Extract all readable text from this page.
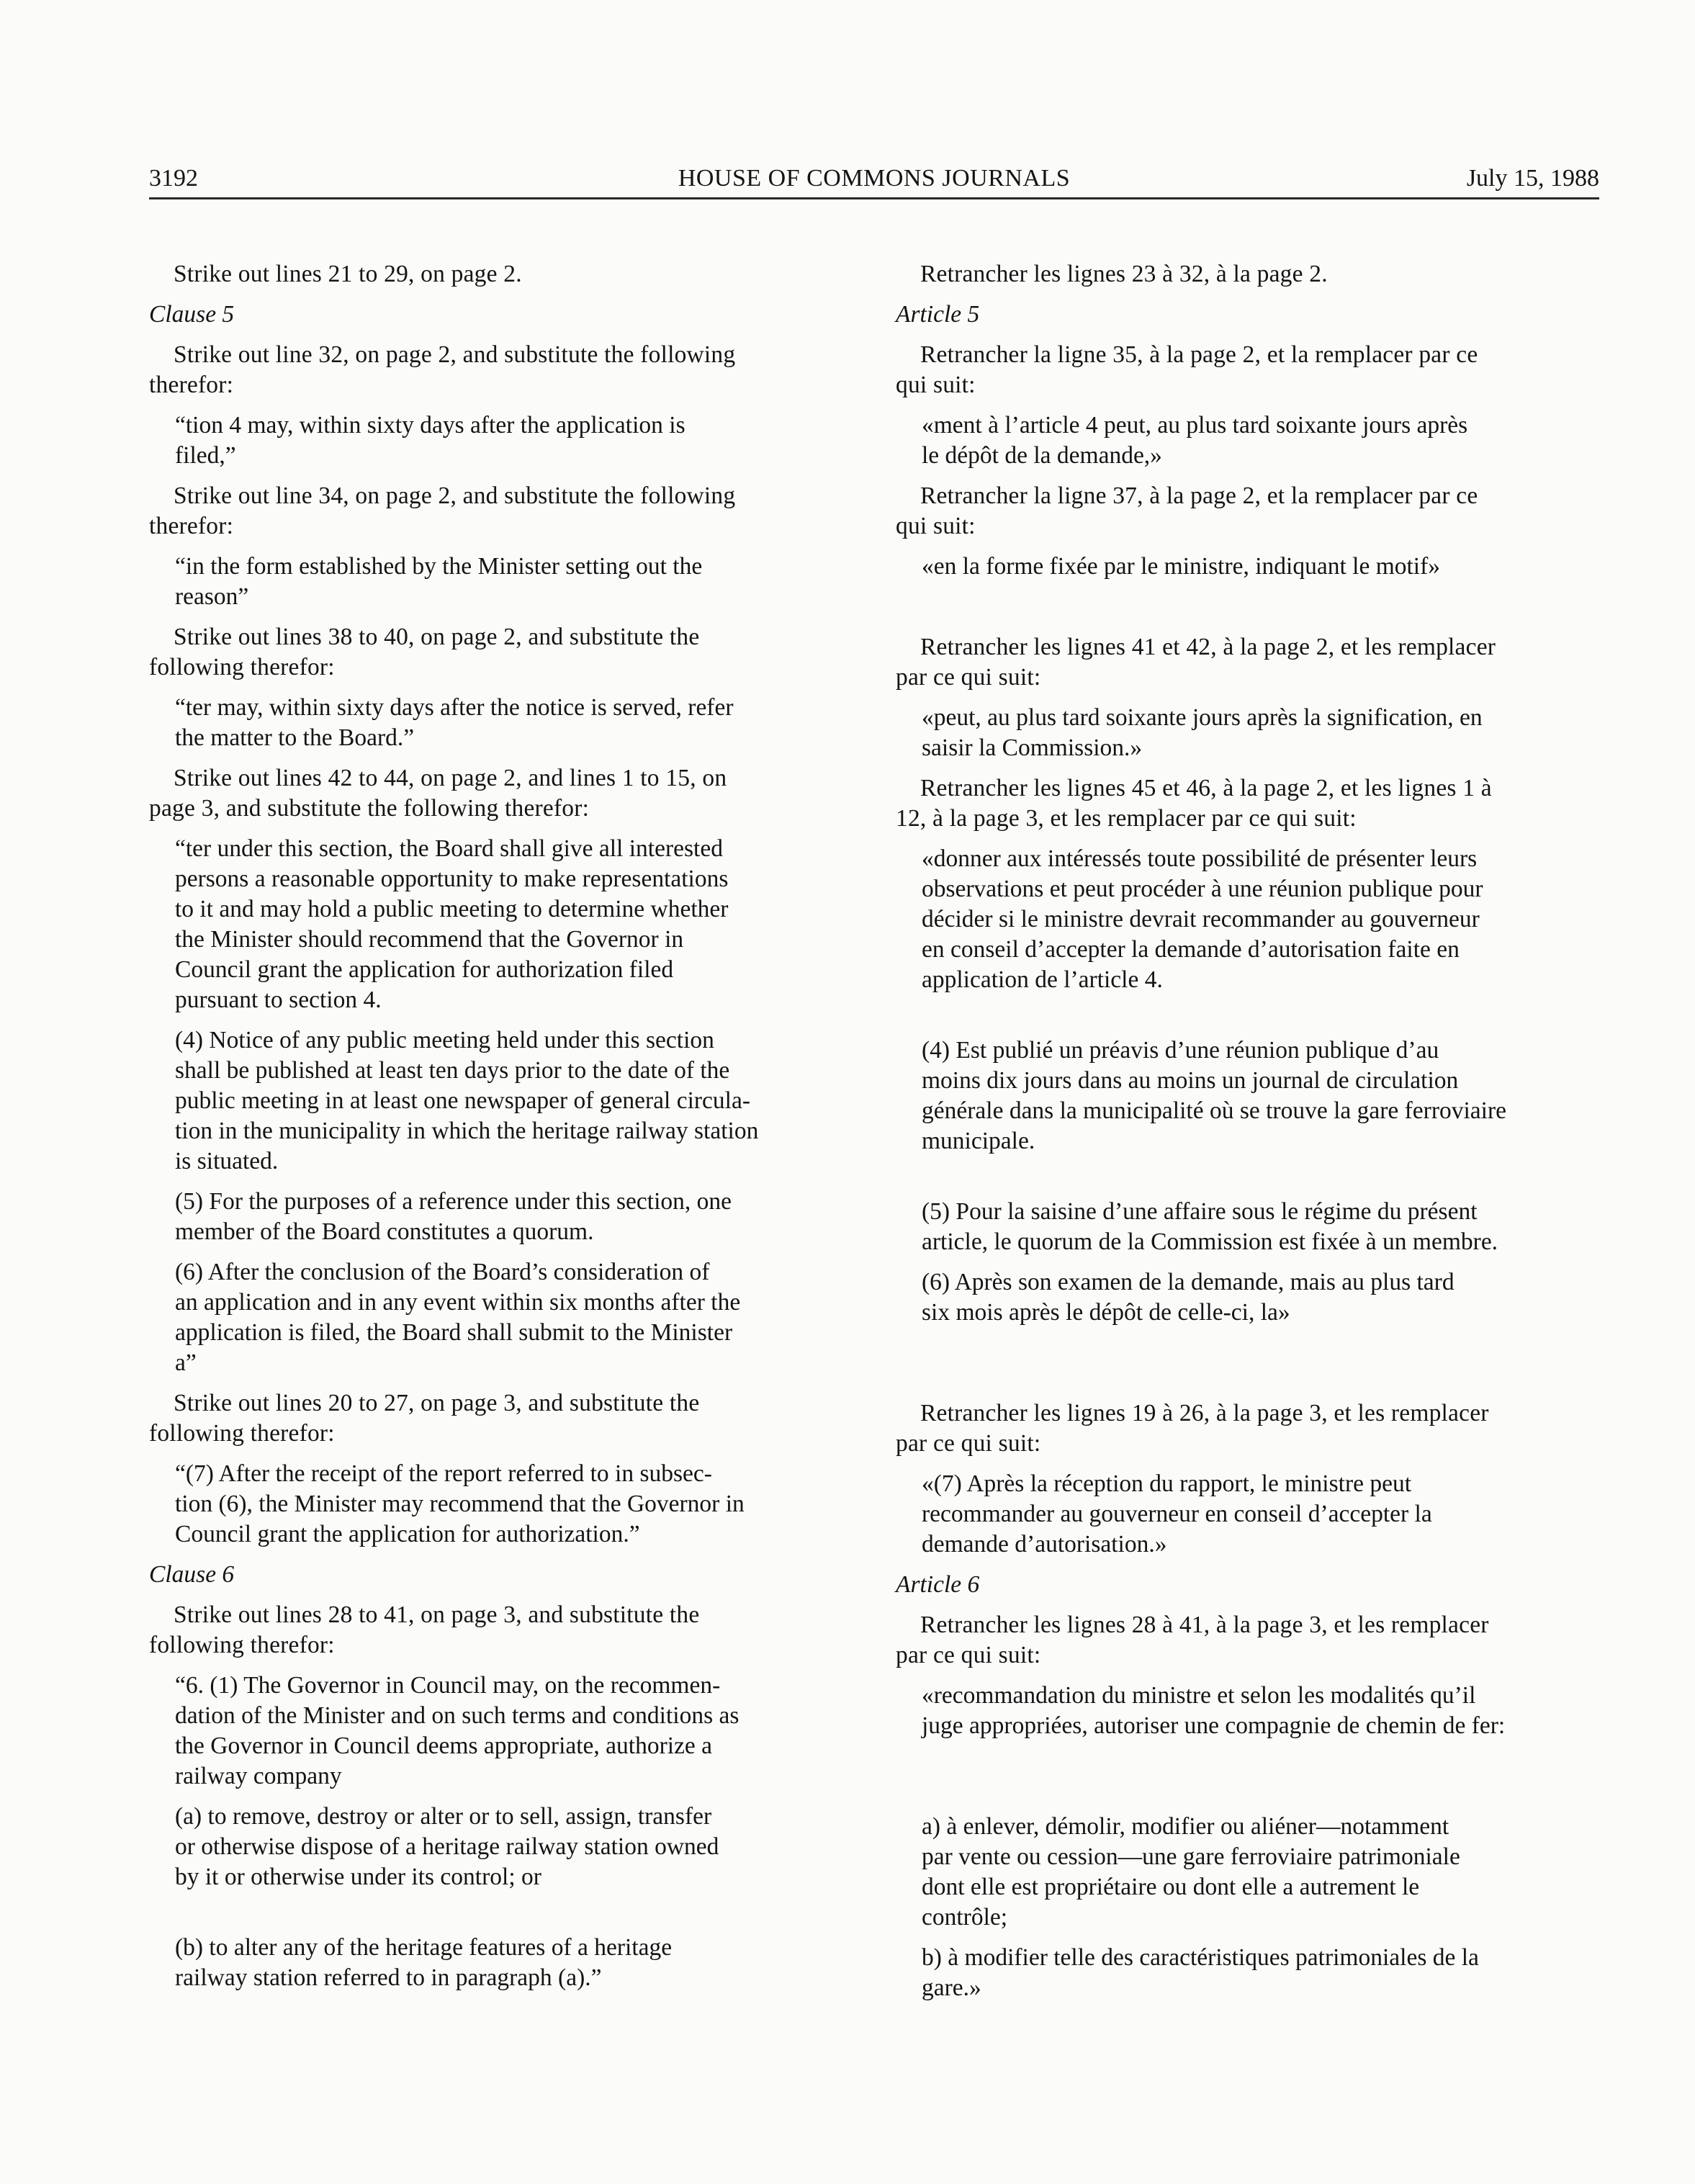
3192	HOUSE OF COMMONS JOURNALS	July 15, 1988
Strike out lines 21 to 29, on page 2.
Clause 5
Strike out line 32, on page 2, and substitute the following
therefor:
“tion 4 may, within sixty days after the application is
filed,”
Strike out line 34, on page 2, and substitute the following
therefor:
“in the form established by the Minister setting out the
reason”
Strike out lines 38 to 40, on page 2, and substitute the
following therefor:
“ter may, within sixty days after the notice is served, refer
the matter to the Board.”
Strike out lines 42 to 44, on page 2, and lines 1 to 15, on
page 3, and substitute the following therefor:
“ter under this section, the Board shall give all interested
persons a reasonable opportunity to make representations
to it and may hold a public meeting to determine whether
the Minister should recommend that the Governor in
Council grant the application for authorization filed
pursuant to section 4.
(4) Notice of any public meeting held under this section
shall be published at least ten days prior to the date of the
public meeting in at least one newspaper of general circula-
tion in the municipality in which the heritage railway station
is situated.
(5) For the purposes of a reference under this section, one
member of the Board constitutes a quorum.
(6) After the conclusion of the Board’s consideration of
an application and in any event within six months after the
application is filed, the Board shall submit to the Minister
a”
Strike out lines 20 to 27, on page 3, and substitute the
following therefor:
“(7) After the receipt of the report referred to in subsec-
tion (6), the Minister may recommend that the Governor in
Council grant the application for authorization.”
Clause 6
Strike out lines 28 to 41, on page 3, and substitute the
following therefor:
“6. (1) The Governor in Council may, on the recommen-
dation of the Minister and on such terms and conditions as
the Governor in Council deems appropriate, authorize a
railway company
(a) to remove, destroy or alter or to sell, assign, transfer
or otherwise dispose of a heritage railway station owned
by it or otherwise under its control; or
(b) to alter any of the heritage features of a heritage
railway station referred to in paragraph (a).”
Retrancher les lignes 23 à 32, à la page 2.
Article 5
Retrancher la ligne 35, à la page 2, et la remplacer par ce
qui suit:
«ment à l’article 4 peut, au plus tard soixante jours après
le dépôt de la demande,»
Retrancher la ligne 37, à la page 2, et la remplacer par ce
qui suit:
«en la forme fixée par le ministre, indiquant le motif»
Retrancher les lignes 41 et 42, à la page 2, et les remplacer
par ce qui suit:
«peut, au plus tard soixante jours après la signification, en
saisir la Commission.»
Retrancher les lignes 45 et 46, à la page 2, et les lignes 1 à
12, à la page 3, et les remplacer par ce qui suit:
«donner aux intéressés toute possibilité de présenter leurs
observations et peut procéder à une réunion publique pour
décider si le ministre devrait recommander au gouverneur
en conseil d’accepter la demande d’autorisation faite en
application de l’article 4.
(4) Est publié un préavis d’une réunion publique d’au
moins dix jours dans au moins un journal de circulation
générale dans la municipalité où se trouve la gare ferroviaire
municipale.
(5) Pour la saisine d’une affaire sous le régime du présent
article, le quorum de la Commission est fixée à un membre.
(6) Après son examen de la demande, mais au plus tard
six mois après le dépôt de celle-ci, la»
Retrancher les lignes 19 à 26, à la page 3, et les remplacer
par ce qui suit:
«(7) Après la réception du rapport, le ministre peut
recommander au gouverneur en conseil d’accepter la
demande d’autorisation.»
Article 6
Retrancher les lignes 28 à 41, à la page 3, et les remplacer
par ce qui suit:
«recommandation du ministre et selon les modalités qu’il
juge appropriées, autoriser une compagnie de chemin de fer:
a) à enlever, démolir, modifier ou aliéner—notamment
par vente ou cession—une gare ferroviaire patrimoniale
dont elle est propriétaire ou dont elle a autrement le
contrôle;
b) à modifier telle des caractéristiques patrimoniales de la
gare.»
